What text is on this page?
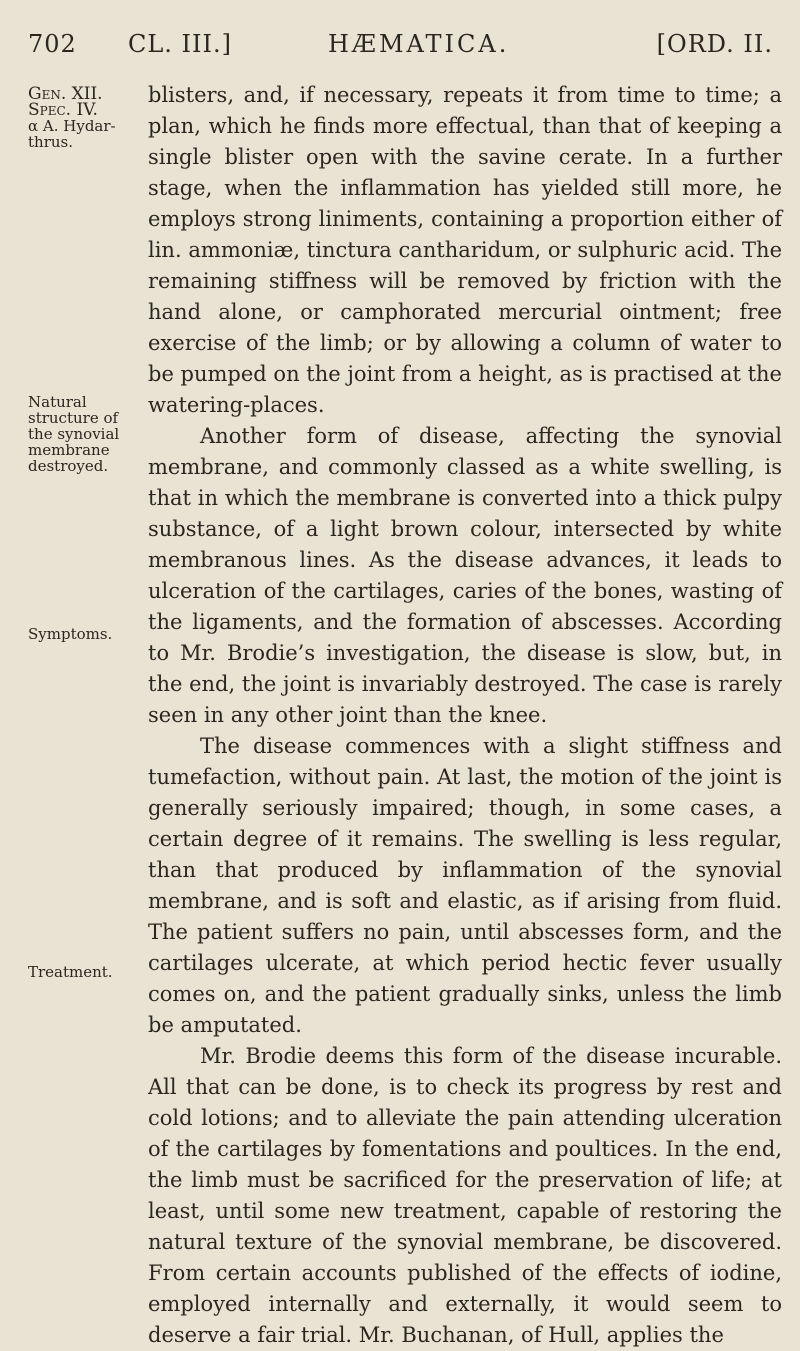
702 CL. III.]	HÆMATICA.	[ORD. II.
Gen. XII.
Spec. IV.
α A. Hydar-
thrus.
Natural
structure of
the synovial
membrane
destroyed.
Symptoms.
Treatment.

blisters, and, if necessary, repeats it from time to time; a plan, which he finds more effectual, than that of keeping a single blister open with the savine cerate. In a further stage, when the inflammation has yielded still more, he employs strong liniments, containing a proportion either of lin. ammoniæ, tinctura cantharidum, or sulphuric acid. The remaining stiffness will be removed by friction with the hand alone, or camphorated mercurial ointment; free exercise of the limb; or by allowing a column of water to be pumped on the joint from a height, as is practised at the watering-places.

Another form of disease, affecting the synovial membrane, and commonly classed as a white swelling, is that in which the membrane is converted into a thick pulpy substance, of a light brown colour, intersected by white membranous lines. As the disease advances, it leads to ulceration of the cartilages, caries of the bones, wasting of the ligaments, and the formation of abscesses. According to Mr. Brodie’s investigation, the disease is slow, but, in the end, the joint is invariably destroyed. The case is rarely seen in any other joint than the knee.

The disease commences with a slight stiffness and tumefaction, without pain. At last, the motion of the joint is generally seriously impaired; though, in some cases, a certain degree of it remains. The swelling is less regular, than that produced by inflammation of the synovial membrane, and is soft and elastic, as if arising from fluid. The patient suffers no pain, until abscesses form, and the cartilages ulcerate, at which period hectic fever usually comes on, and the patient gradually sinks, unless the limb be amputated.

Mr. Brodie deems this form of the disease incurable. All that can be done, is to check its progress by rest and cold lotions; and to alleviate the pain attending ulceration of the cartilages by fomentations and poultices. In the end, the limb must be sacrificed for the preservation of life; at least, until some new treatment, capable of restoring the natural texture of the synovial membrane, be discovered. From certain accounts published of the effects of iodine, employed internally and externally, it would seem to deserve a fair trial. Mr. Buchanan, of Hull, applies the
